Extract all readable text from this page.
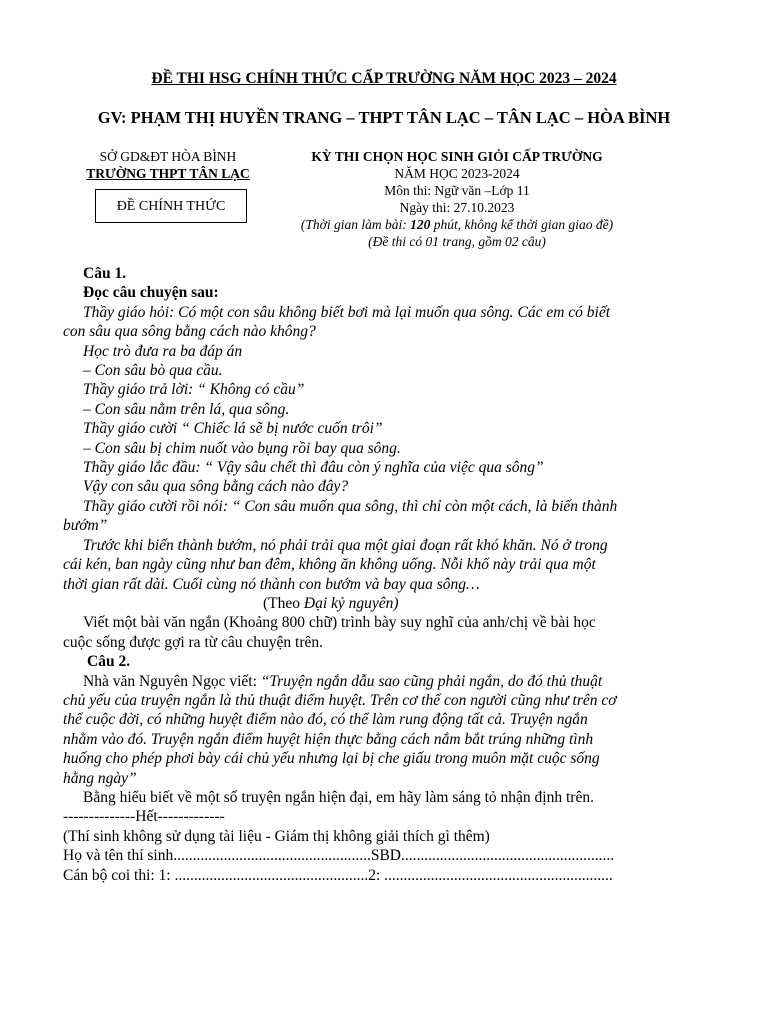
ĐỀ THI HSG CHÍNH THỨC CẤP TRƯỜNG NĂM HỌC 2023 – 2024
GV: PHẠM THỊ HUYỀN TRANG – THPT TÂN LẠC – TÂN LẠC – HÒA BÌNH
SỞ GD&ĐT HÒA BÌNH
TRƯỜNG THPT TÂN LẠC
ĐỀ CHÍNH THỨC
KỲ THI CHỌN HỌC SINH GIỎI CẤP TRƯỜNG
NĂM HỌC 2023-2024
Môn thi: Ngữ văn –Lớp 11
Ngày thi: 27.10.2023
(Thời gian làm bài: 120 phút, không kể thời gian giao đề)
(Đề thi có 01 trang, gồm 02 câu)

Câu 1.

Đọc câu chuyện sau:

Thầy giáo hỏi: Có một con sâu không biết bơi mà lại muốn qua sông. Các em có biết

con sâu qua sông bằng cách nào không?

Học trò đưa ra ba đáp án

– Con sâu bò qua cầu.

Thầy giáo trả lời: “ Không có cầu”

– Con sâu nằm trên lá, qua sông.

Thầy giáo cười “ Chiếc lá sẽ bị nước cuốn trôi”

– Con sâu bị chim nuốt vào bụng rồi bay qua sông.

Thầy giáo lắc đầu: “ Vậy sâu chết thì đâu còn ý nghĩa của việc qua sông”

Vậy con sâu qua sông bằng cách nào đây?

Thầy giáo cười rồi nói: “ Con sâu muốn qua sông, thì chỉ còn một cách, là biến thành

bướm”

Trước khi biến thành bướm, nó phải trải qua một giai đoạn rất khó khăn. Nó ở trong

cái kén, ban ngày cũng như ban đêm, không ăn không uống. Nỗi khổ này trải qua một

thời gian rất dài. Cuối cùng nó thành con bướm và bay qua sông…

(Theo Đại kỷ nguyên)

Viết một bài văn ngắn (Khoảng 800 chữ) trình bày suy nghĩ của anh/chị về bài học

cuộc sống được gợi ra từ câu chuyện trên.

Câu 2.

Nhà văn Nguyên Ngọc viết: “Truyện ngắn dẫu sao cũng phải ngắn, do đó thủ thuật

chủ yếu của truyện ngắn là thủ thuật điểm huyệt. Trên cơ thể con người cũng như trên cơ

thể cuộc đời, có những huyệt điểm nào đó, có thể làm rung động tất cả. Truyện ngắn

nhằm vào đó. Truyện ngắn điểm huyệt hiện thực bằng cách nắm bắt trúng những tình

huống cho phép phơi bày cái chủ yếu nhưng lại bị che giấu trong muôn mặt cuộc sống

hằng ngày”

Bằng hiểu biết về một số truyện ngắn hiện đại, em hãy làm sáng tỏ nhận định trên.

--------------Hết-------------

(Thí sinh không sử dụng tài liệu - Giám thị không giải thích gì thêm)

Họ và tên thí sinh...................................................SBD.......................................................

Cán bộ coi thi: 1: ..................................................2: ...........................................................
